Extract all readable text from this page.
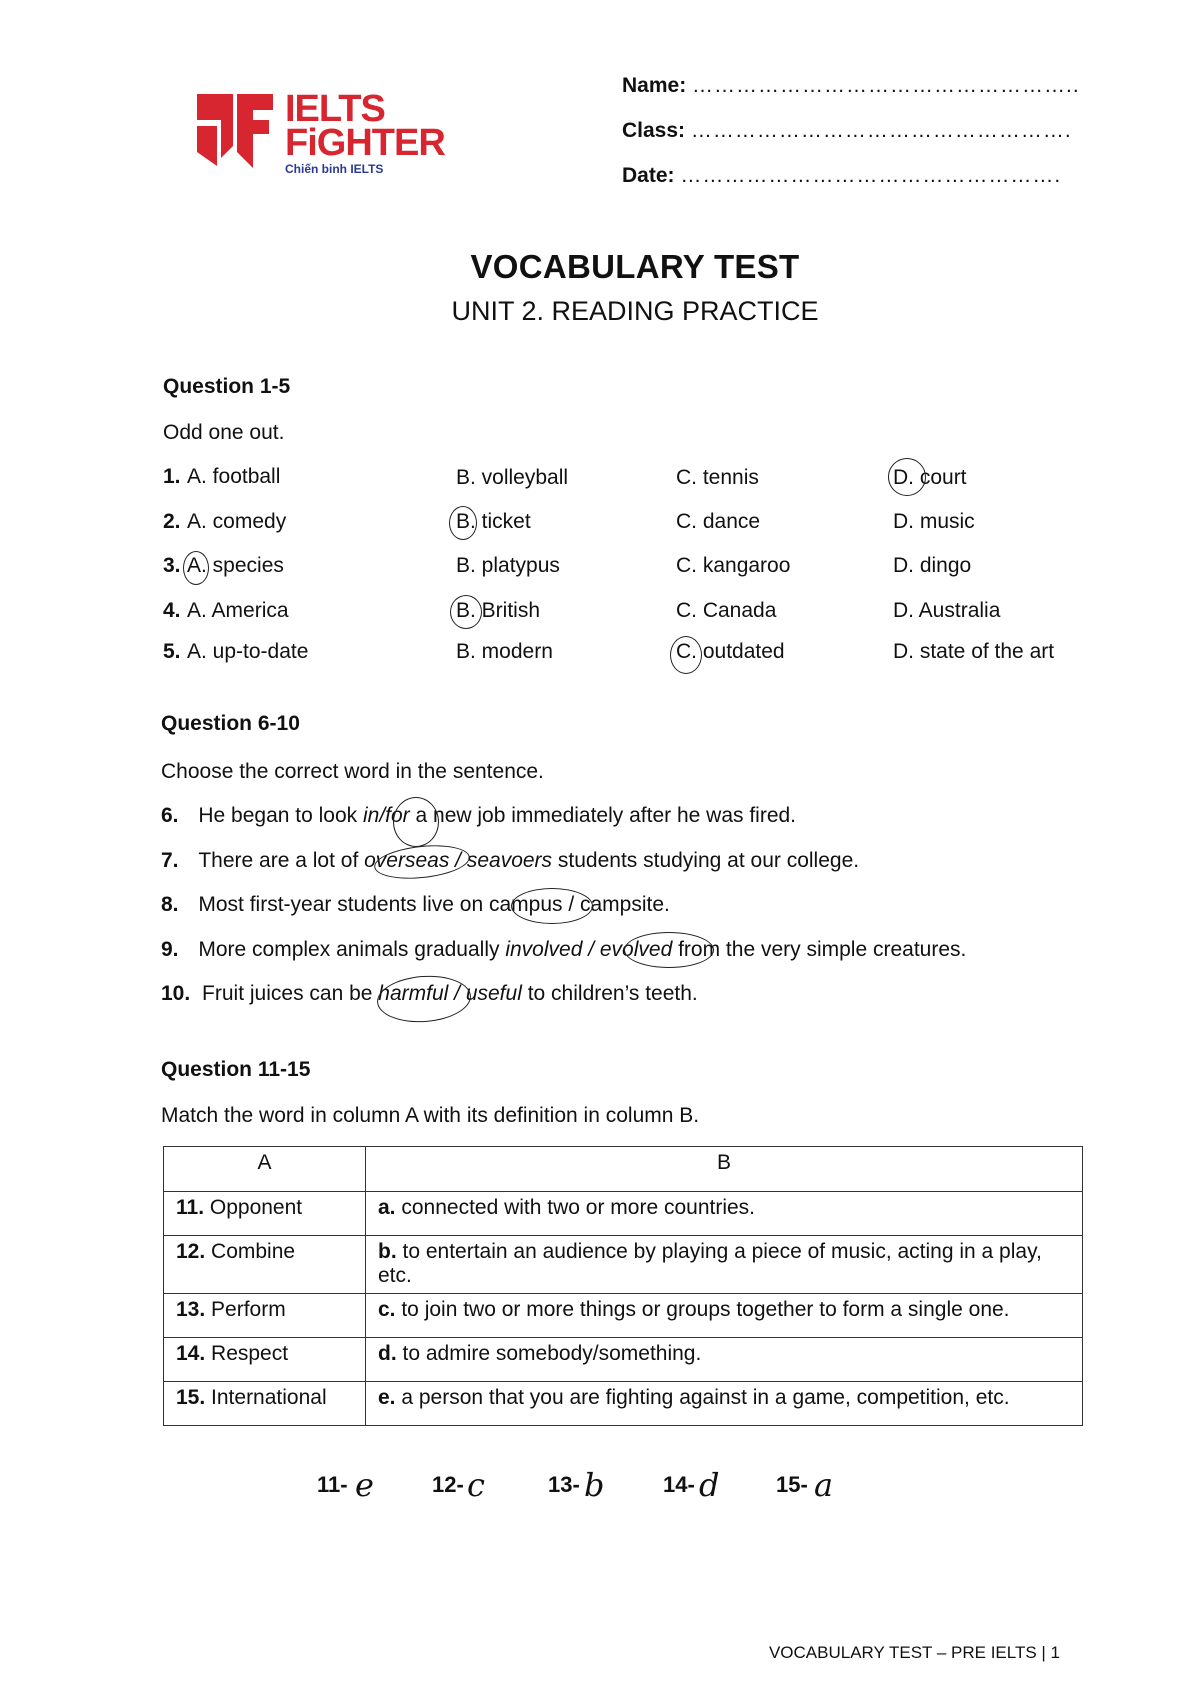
IELTS
FiGHTER
Chiến binh IELTS
Name: ……………………………………………..
Class: …………………………………………….
Date: …………………………………………….
VOCABULARY TEST
UNIT 2. READING PRACTICE
Question 1-5
Odd one out.
1. A. football	B. volleyball	C. tennis	D. court
2. A. comedy	B. ticket	C. dance	D. music
3. A. species	B. platypus	C. kangaroo	D. dingo
4. A. America	B. British	C. Canada	D. Australia
5. A. up-to-date	B. modern	C. outdated	D. state of the art
Question 6-10
Choose the correct word in the sentence.
6. He began to look in/for a new job immediately after he was fired.
7. There are a lot of overseas / seavoers students studying at our college.
8. Most first-year students live on campus / campsite.
9. More complex animals gradually involved / evolved from the very simple creatures.
10. Fruit juices can be harmful / useful to children’s teeth.
Question 11-15
Match the word in column A with its definition in column B.
A	B
11. Opponent	a. connected with two or more countries.
12. Combine	b. to entertain an audience by playing a piece of music, acting in a play, etc.
13. Perform	c. to join two or more things or groups together to form a single one.
14. Respect	d. to admire somebody/something.
15. International	e. a person that you are fighting against in a game, competition, etc.
11- e	12- c	13- b	14- d	15- a
VOCABULARY TEST – PRE IELTS | 1
